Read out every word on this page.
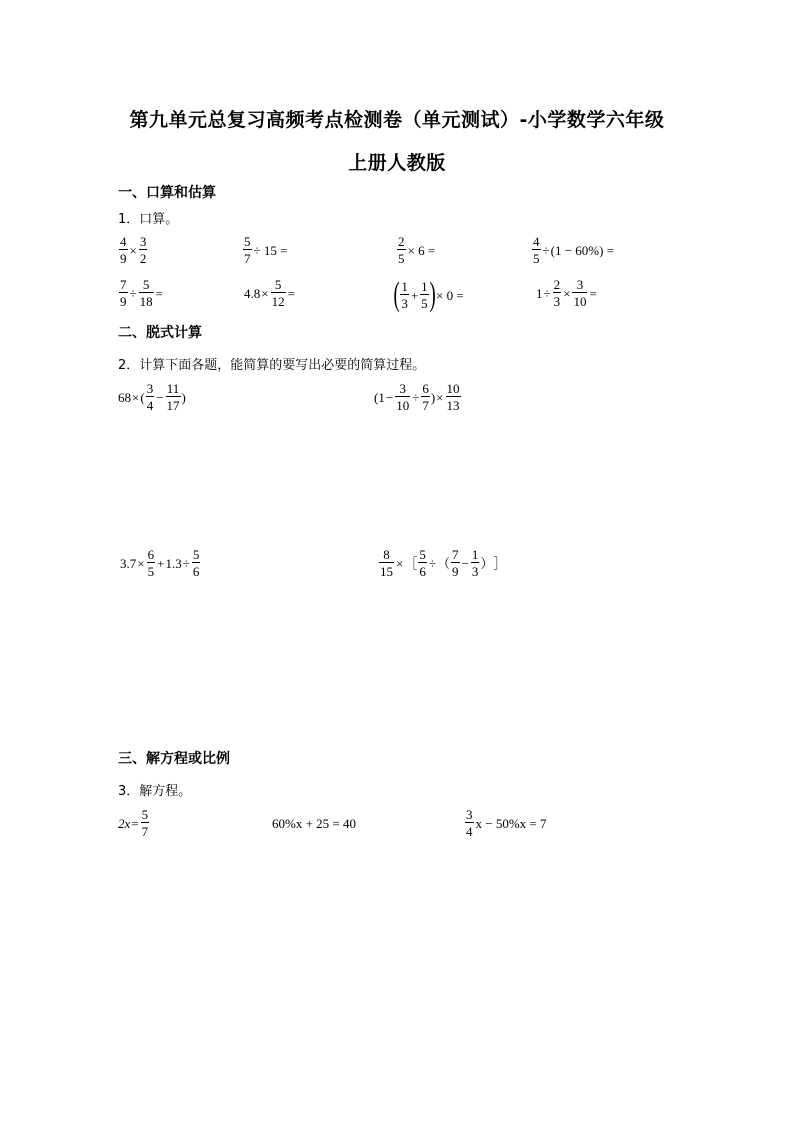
第九单元总复习高频考点检测卷（单元测试）-小学数学六年级
上册人教版
一、口算和估算
1．口算。
$\frac{4}{9} \times \frac{3}{2}$	$\frac{5}{7} \div 15$ =	$\frac{2}{5} \times 6$ =	$\frac{4}{5} \div (1 - 60\%)$ =
$\frac{7}{9} \div \frac{5}{18}$ =	$4.8 \times \frac{5}{12}$ =	( $\frac{1}{3} + \frac{1}{5}$ ) × 0 =	$1 \div \frac{2}{3} \times \frac{3}{10}$ =
二、脱式计算
2．计算下面各题，能简算的要写出必要的简算过程。
68 × ( $\frac{3}{4} - \frac{11}{17}$ )	($1 - \frac{3}{10} \div \frac{6}{7}$ ) × $\frac{10}{13}$
$3.7 \times \frac{6}{5} + 1.3 \div \frac{5}{6}$	$\frac{8}{15}$ × ［ $\frac{5}{6}$ ÷ （ $\frac{7}{9} - \frac{1}{3}$ ） ］
三、解方程或比例
3．解方程。
$2x = \frac{5}{7}$	60%x + 25 = 40	$\frac{3}{4}$ x − 50%x = 7
